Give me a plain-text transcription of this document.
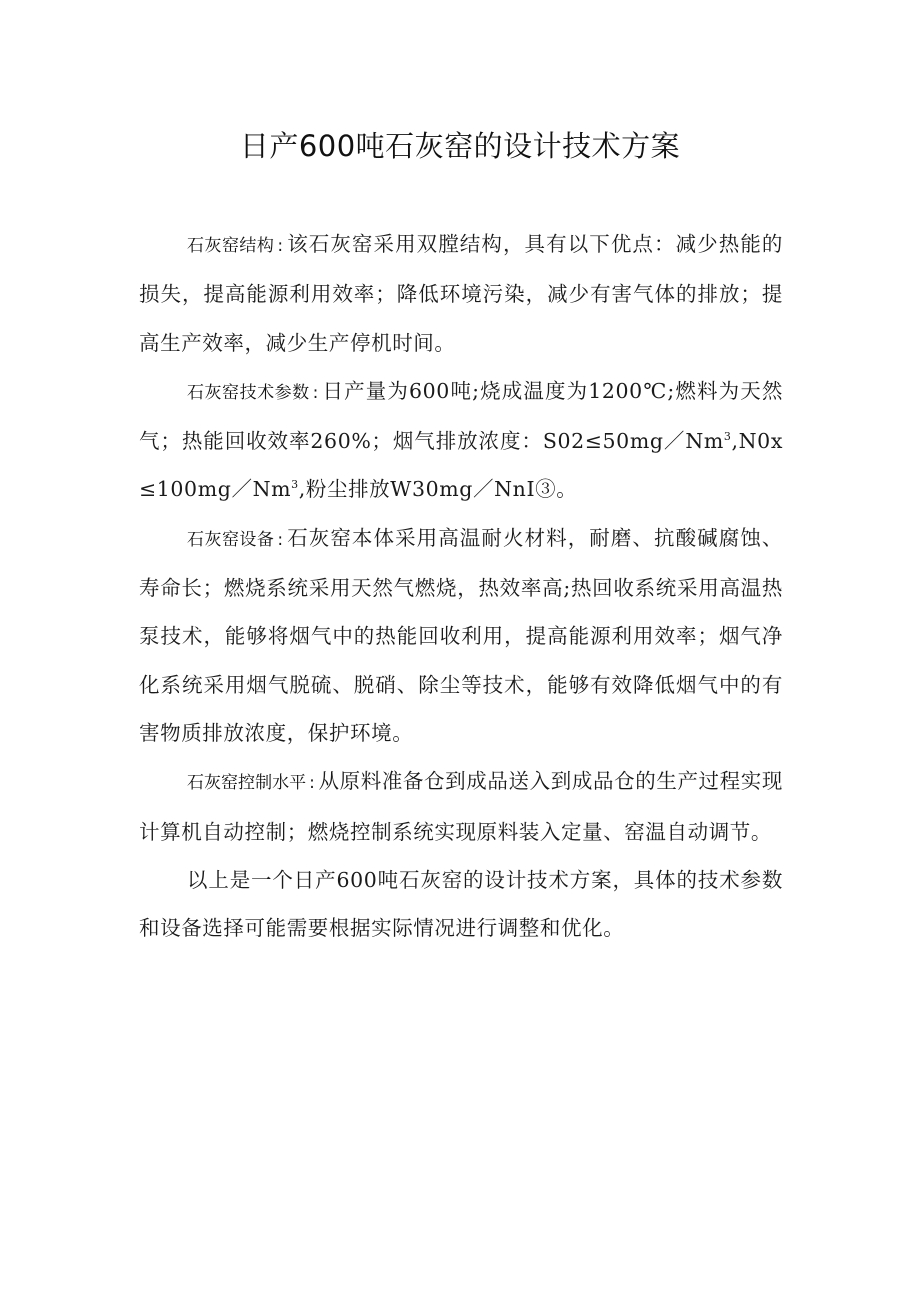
日产600吨石灰窑的设计技术方案

石灰窑结构 : 该石灰窑采用双膛结构，具有以下优点：减少热能的损失，提高能源利用效率；降低环境污染，减少有害气体的排放；提高生产效率，减少生产停机时间。

石灰窑技术参数 : 日产量为600吨;烧成温度为1200℃;燃料为天然气；热能回收效率260%；烟气排放浓度：$S02\le 50mg/Nm^3,N0x\le 100mg/Nm^3$,粉尘排放W30mg／NnI③。

石灰窑设备 : 石灰窑本体采用高温耐火材料，耐磨、抗酸碱腐蚀、寿命长；燃烧系统采用天然气燃烧，热效率高;热回收系统采用高温热泵技术，能够将烟气中的热能回收利用，提高能源利用效率；烟气净化系统采用烟气脱硫、脱硝、除尘等技术，能够有效降低烟气中的有害物质排放浓度，保护环境。

石灰窑控制水平 : 从原料准备仓到成品送入到成品仓的生产过程实现计算机自动控制；燃烧控制系统实现原料装入定量、窑温自动调节。

以上是一个日产600吨石灰窑的设计技术方案，具体的技术参数和设备选择可能需要根据实际情况进行调整和优化。
